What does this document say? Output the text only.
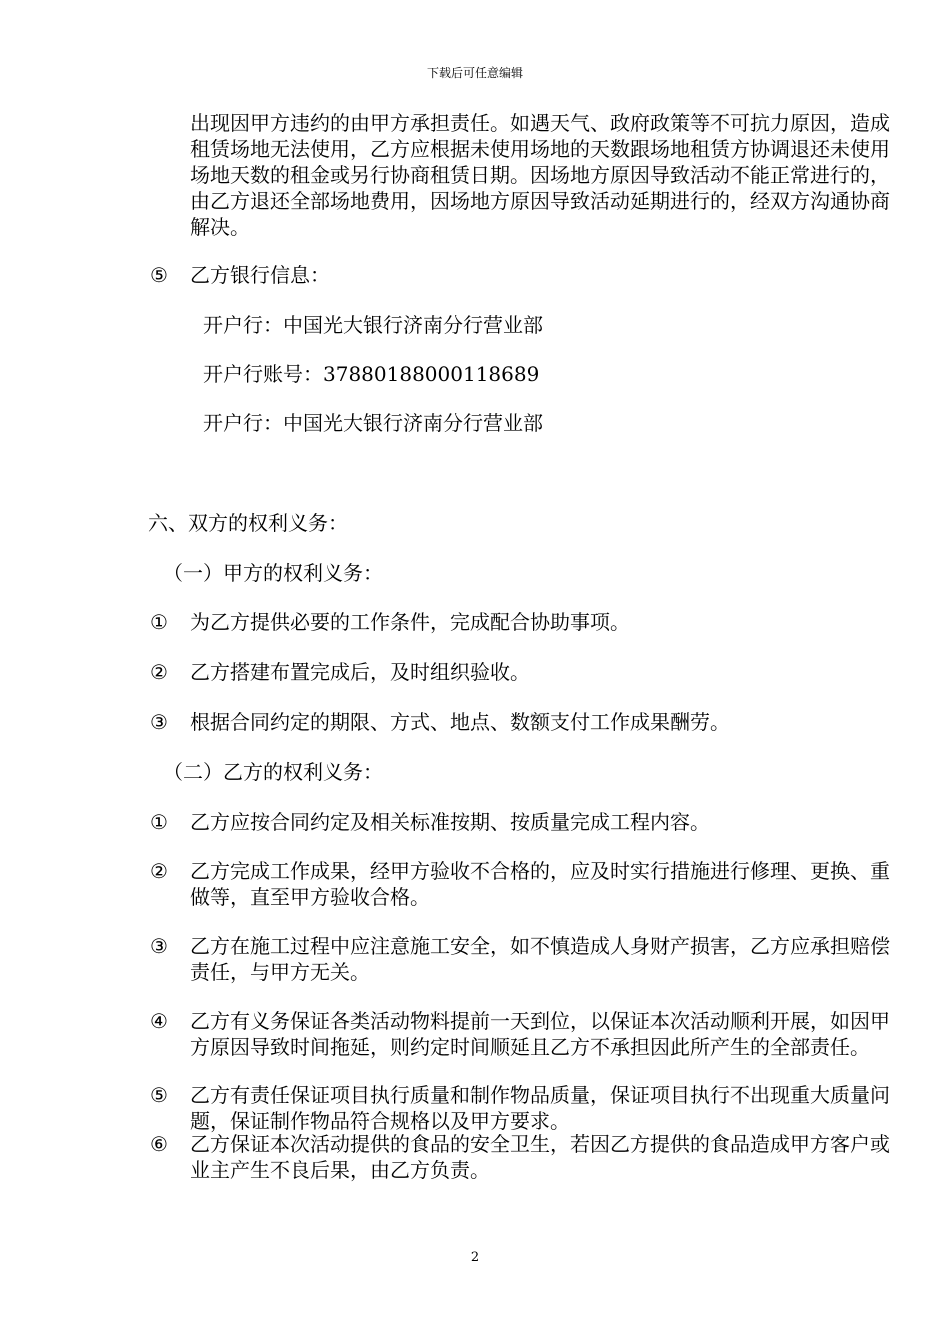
下载后可任意编辑
出现因甲方违约的由甲方承担责任。如遇天气、政府政策等不可抗力原因，造成租赁场地无法使用，乙方应根据未使用场地的天数跟场地租赁方协调退还未使用场地天数的租金或另行协商租赁日期。因场地方原因导致活动不能正常进行的，由乙方退还全部场地费用，因场地方原因导致活动延期进行的，经双方沟通协商解决。
⑤	乙方银行信息：
开户行：中国光大银行济南分行营业部
开户行账号：37880188000118689
开户行：中国光大银行济南分行营业部
六、双方的权利义务：
（一）甲方的权利义务：
①	为乙方提供必要的工作条件，完成配合协助事项。
②	乙方搭建布置完成后，及时组织验收。
③	根据合同约定的期限、方式、地点、数额支付工作成果酬劳。
（二）乙方的权利义务：
①	乙方应按合同约定及相关标准按期、按质量完成工程内容。
②	乙方完成工作成果，经甲方验收不合格的，应及时实行措施进行修理、更换、重做等，直至甲方验收合格。
③	乙方在施工过程中应注意施工安全，如不慎造成人身财产损害，乙方应承担赔偿责任，与甲方无关。
④	乙方有义务保证各类活动物料提前一天到位，以保证本次活动顺利开展，如因甲方原因导致时间拖延，则约定时间顺延且乙方不承担因此所产生的全部责任。
⑤	乙方有责任保证项目执行质量和制作物品质量，保证项目执行不出现重大质量问题，保证制作物品符合规格以及甲方要求。
⑥	乙方保证本次活动提供的食品的安全卫生，若因乙方提供的食品造成甲方客户或业主产生不良后果，由乙方负责。
2
